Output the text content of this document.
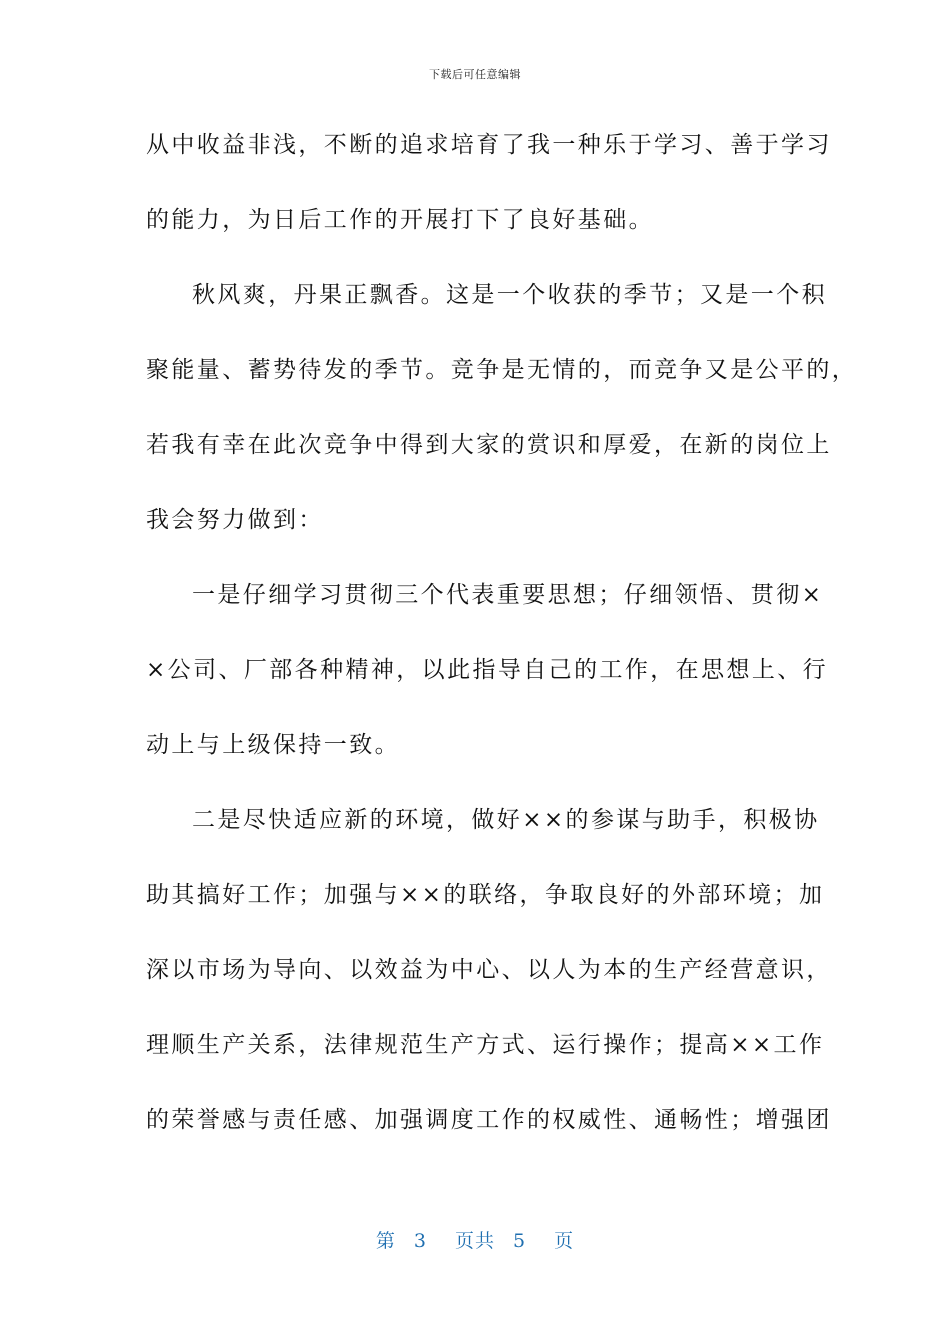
下载后可任意编辑
从中收益非浅，不断的追求培育了我一种乐于学习、善于学习
的能力，为日后工作的开展打下了良好基础。
秋风爽，丹果正飘香。这是一个收获的季节；又是一个积
聚能量、蓄势待发的季节。竞争是无情的，而竞争又是公平的，
若我有幸在此次竞争中得到大家的赏识和厚爱，在新的岗位上
我会努力做到：
一是仔细学习贯彻三个代表重要思想；仔细领悟、贯彻×
×公司、厂部各种精神，以此指导自己的工作，在思想上、行
动上与上级保持一致。
二是尽快适应新的环境，做好××的参谋与助手，积极协
助其搞好工作；加强与××的联络，争取良好的外部环境；加
深以市场为导向、以效益为中心、以人为本的生产经营意识，
理顺生产关系，法律规范生产方式、运行操作；提高××工作
的荣誉感与责任感、加强调度工作的权威性、通畅性；增强团
第 3 页共 5 页
